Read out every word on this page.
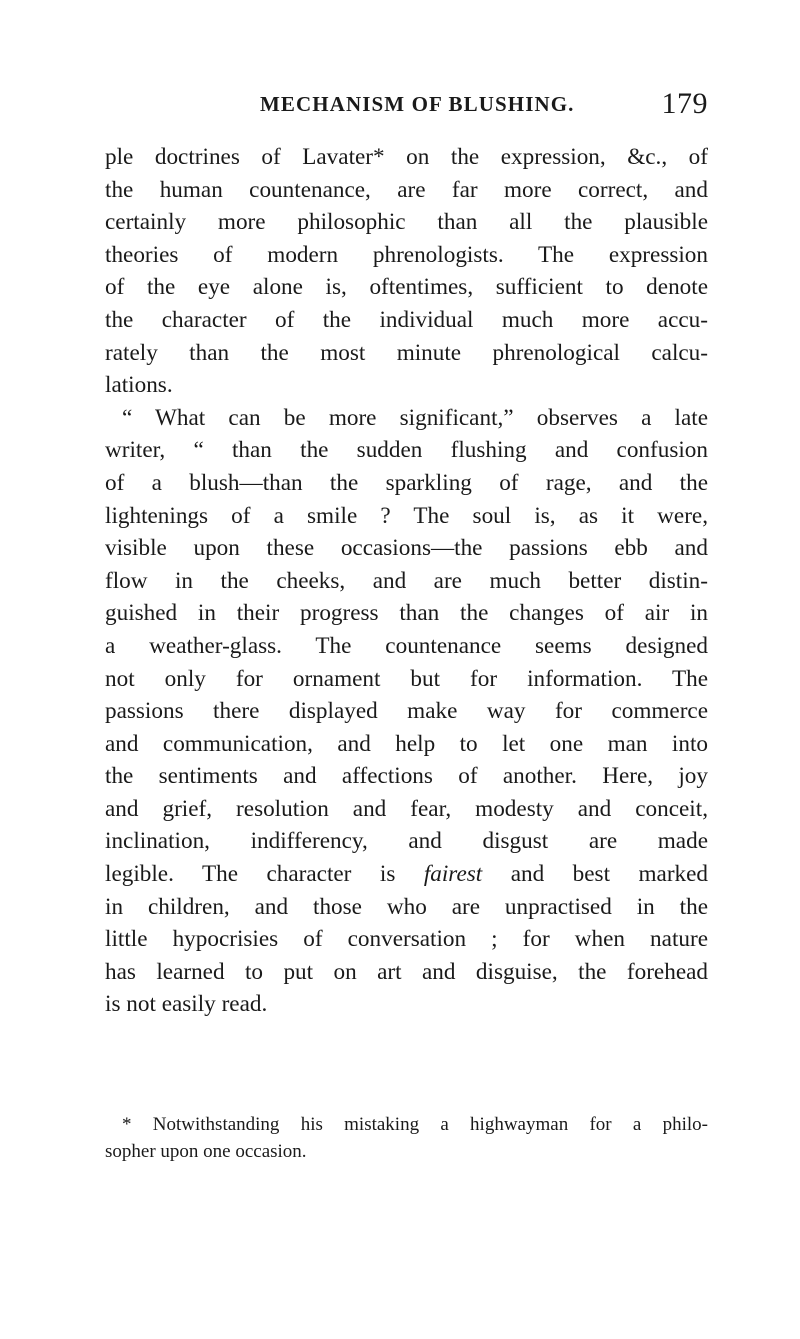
MECHANISM OF BLUSHING.	179
ple doctrines of Lavater* on the expression, &c., of
the human countenance, are far more correct, and
certainly more philosophic than all the plausible
theories of modern phrenologists. The expression
of the eye alone is, oftentimes, sufficient to denote
the character of the individual much more accu-
rately than the most minute phrenological calcu-
lations.
“ What can be more significant,” observes a late
writer, “ than the sudden flushing and confusion
of a blush—than the sparkling of rage, and the
lightenings of a smile ? The soul is, as it were,
visible upon these occasions—the passions ebb and
flow in the cheeks, and are much better distin-
guished in their progress than the changes of air in
a weather-glass. The countenance seems designed
not only for ornament but for information. The
passions there displayed make way for commerce
and communication, and help to let one man into
the sentiments and affections of another. Here, joy
and grief, resolution and fear, modesty and conceit,
inclination, indifferency, and disgust are made
legible. The character is fairest and best marked
in children, and those who are unpractised in the
little hypocrisies of conversation ; for when nature
has learned to put on art and disguise, the forehead
is not easily read.
* Notwithstanding his mistaking a highwayman for a philo-
sopher upon one occasion.
